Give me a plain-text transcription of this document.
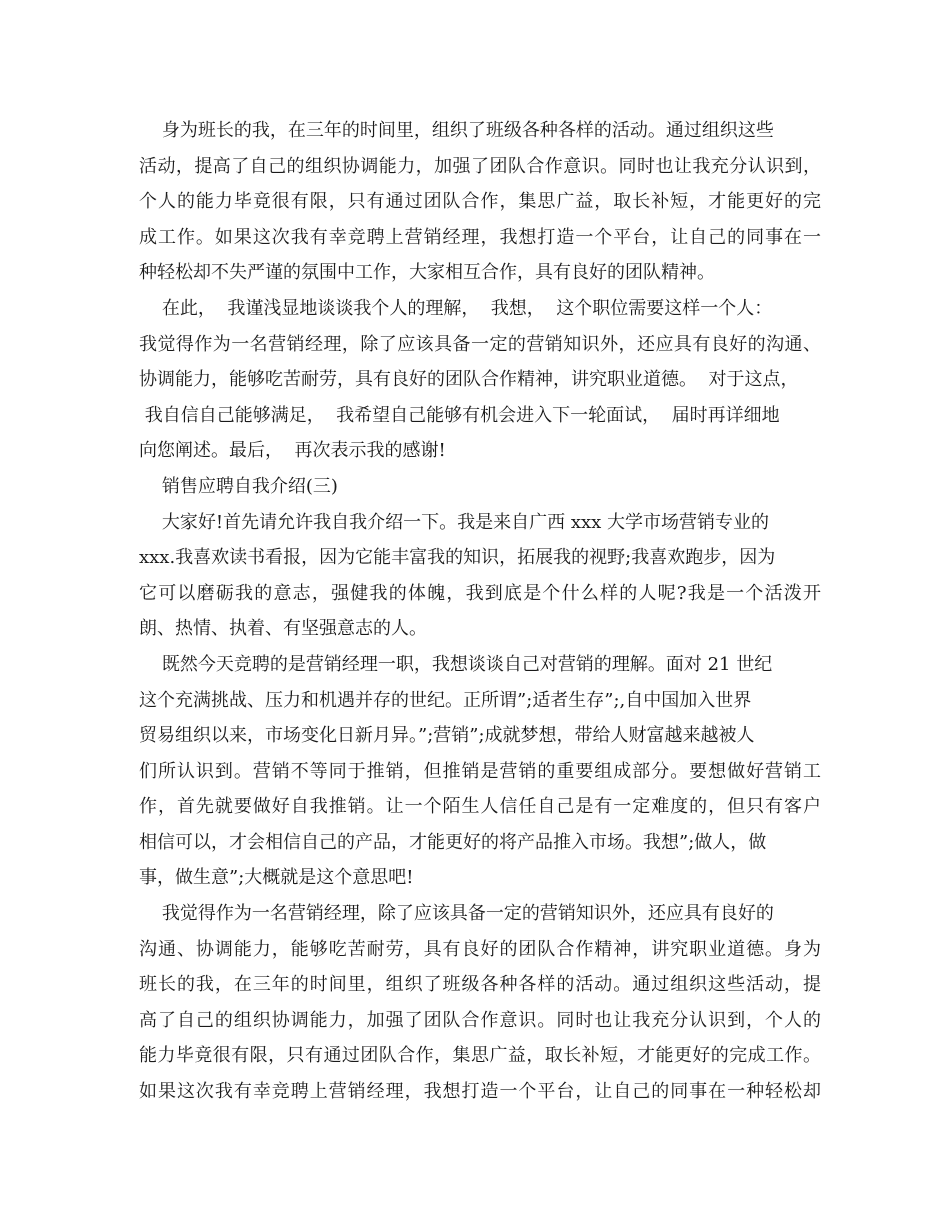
身为班长的我，在三年的时间里，组织了班级各种各样的活动。通过组织这些
活动，提高了自己的组织协调能力，加强了团队合作意识。同时也让我充分认识到，
个人的能力毕竟很有限，只有通过团队合作，集思广益，取长补短，才能更好的完
成工作。如果这次我有幸竞聘上营销经理，我想打造一个平台，让自己的同事在一
种轻松却不失严谨的氛围中工作，大家相互合作，具有良好的团队精神。
在此，  我谨浅显地谈谈我个人的理解，  我想，  这个职位需要这样一个人：
我觉得作为一名营销经理，除了应该具备一定的营销知识外，还应具有良好的沟通、
协调能力，能够吃苦耐劳，具有良好的团队合作精神，讲究职业道德。  对于这点，
我自信自己能够满足，  我希望自己能够有机会进入下一轮面试，  届时再详细地
向您阐述。最后，  再次表示我的感谢!
销售应聘自我介绍(三)
大家好!首先请允许我自我介绍一下。我是来自广西 xxx 大学市场营销专业的
xxx.我喜欢读书看报，因为它能丰富我的知识，拓展我的视野;我喜欢跑步，因为
它可以磨砺我的意志，强健我的体魄，我到底是个什么样的人呢?我是一个活泼开
朗、热情、执着、有坚强意志的人。
既然今天竞聘的是营销经理一职，我想谈谈自己对营销的理解。面对 21 世纪
这个充满挑战、压力和机遇并存的世纪。正所谓”;适者生存”;,自中国加入世界
贸易组织以来，市场变化日新月异。”;营销”;成就梦想，带给人财富越来越被人
们所认识到。营销不等同于推销，但推销是营销的重要组成部分。要想做好营销工
作，首先就要做好自我推销。让一个陌生人信任自己是有一定难度的，但只有客户
相信可以，才会相信自己的产品，才能更好的将产品推入市场。我想”;做人，做
事，做生意”;大概就是这个意思吧!
我觉得作为一名营销经理，除了应该具备一定的营销知识外，还应具有良好的
沟通、协调能力，能够吃苦耐劳，具有良好的团队合作精神，讲究职业道德。身为
班长的我，在三年的时间里，组织了班级各种各样的活动。通过组织这些活动，提
高了自己的组织协调能力，加强了团队合作意识。同时也让我充分认识到，个人的
能力毕竟很有限，只有通过团队合作，集思广益，取长补短，才能更好的完成工作。
如果这次我有幸竞聘上营销经理，我想打造一个平台，让自己的同事在一种轻松却
